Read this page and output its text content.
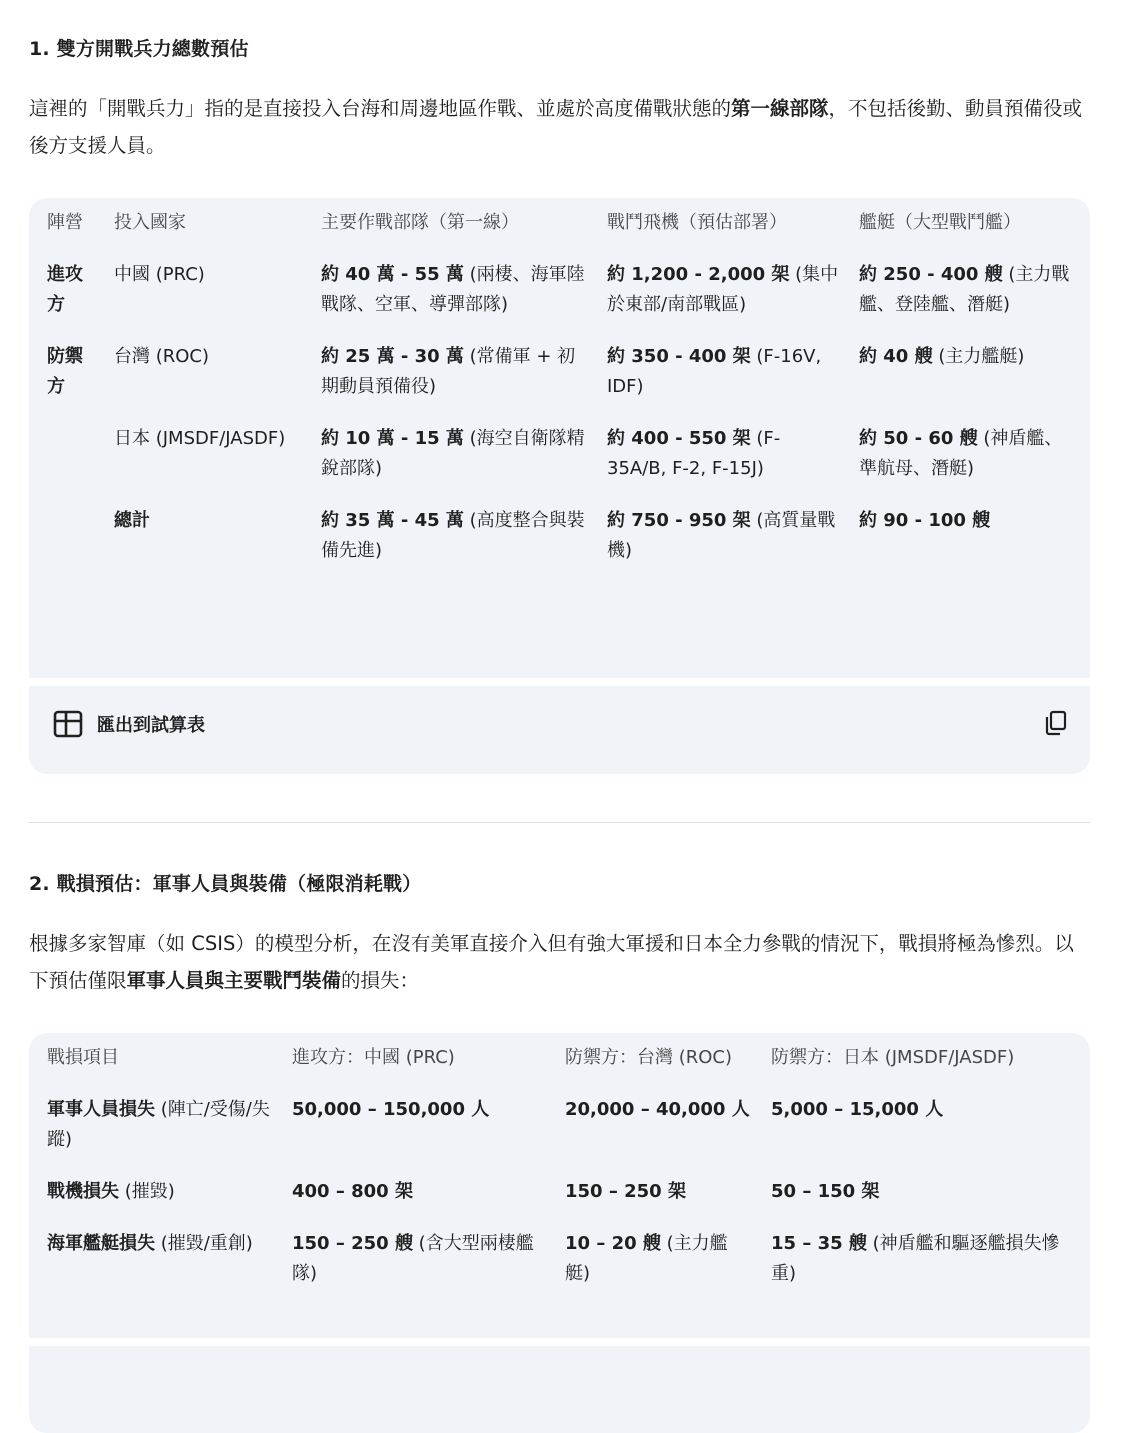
1. 雙方開戰兵力總數預估

這裡的「開戰兵力」指的是直接投入台海和周邊地區作戰、並處於高度備戰狀態的第一線部隊，不包括後勤、動員預備役或後方支援人員。

陣營	投入國家	主要作戰部隊（第一線）	戰鬥飛機（預估部署）	艦艇（大型戰鬥艦）
進攻方	中國 (PRC)	約 40 萬 - 55 萬 (兩棲、海軍陸戰隊、空軍、導彈部隊)	約 1,200 - 2,000 架 (集中於東部/南部戰區)	約 250 - 400 艘 (主力戰艦、登陸艦、潛艇)
防禦方	台灣 (ROC)	約 25 萬 - 30 萬 (常備軍 + 初期動員預備役)	約 350 - 400 架 (F-16V, IDF)	約 40 艘 (主力艦艇)
	日本 (JMSDF/JASDF)	約 10 萬 - 15 萬 (海空自衛隊精銳部隊)	約 400 - 550 架 (F-35A/B, F-2, F-15J)	約 50 - 60 艘 (神盾艦、準航母、潛艇)
	總計	約 35 萬 - 45 萬 (高度整合與裝備先進)	約 750 - 950 架 (高質量戰機)	約 90 - 100 艘
匯出到試算表
2. 戰損預估：軍事人員與裝備（極限消耗戰）

根據多家智庫（如 CSIS）的模型分析，在沒有美軍直接介入但有強大軍援和日本全力參戰的情況下，戰損將極為慘烈。以下預估僅限軍事人員與主要戰鬥裝備的損失：

戰損項目	進攻方：中國 (PRC)	防禦方：台灣 (ROC)	防禦方：日本 (JMSDF/JASDF)
軍事人員損失 (陣亡/受傷/失蹤)	50,000 – 150,000 人	20,000 – 40,000 人	5,000 – 15,000 人
戰機損失 (摧毀)	400 – 800 架	150 – 250 架	50 – 150 架
海軍艦艇損失 (摧毀/重創)	150 – 250 艘 (含大型兩棲艦隊)	10 – 20 艘 (主力艦艇)	15 – 35 艘 (神盾艦和驅逐艦損失慘重)
